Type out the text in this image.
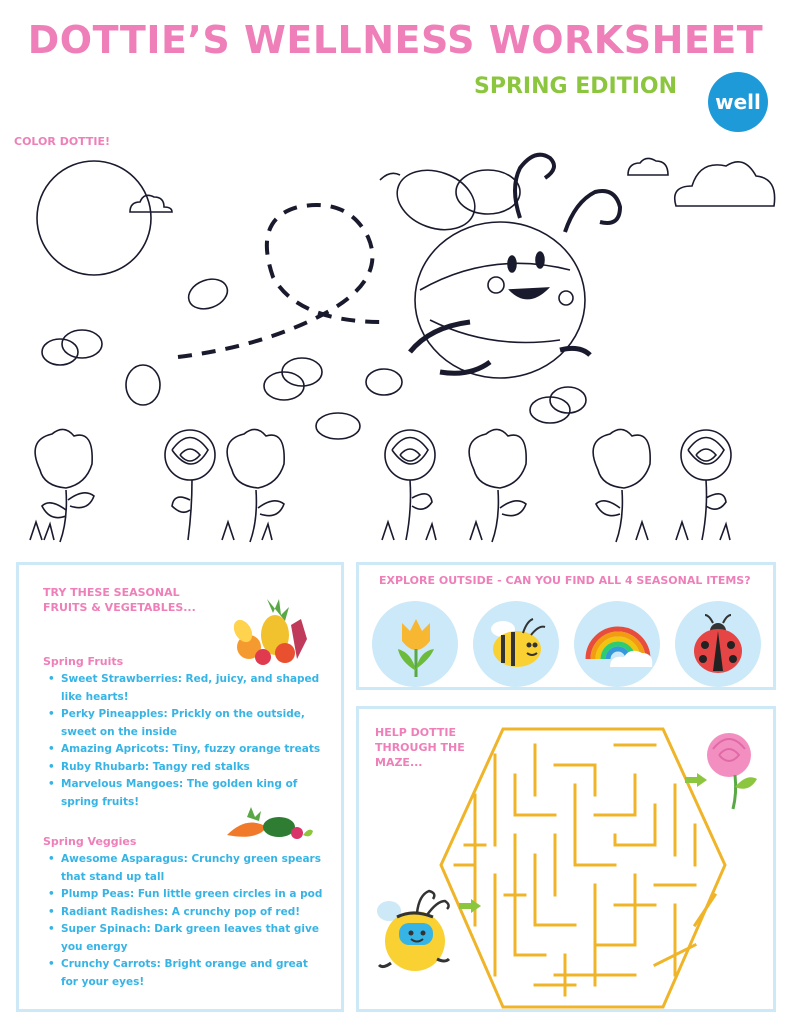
DOTTIE’S WELLNESS WORKSHEET
SPRING EDITION
well
COLOR DOTTIE!
TRY THESE SEASONAL FRUITS & VEGETABLES...
Spring Fruits
• Sweet Strawberries: Red, juicy, and shaped like hearts!
• Perky Pineapples: Prickly on the outside, sweet on the inside
• Amazing Apricots: Tiny, fuzzy orange treats
• Ruby Rhubarb: Tangy red stalks
• Marvelous Mangoes: The golden king of spring fruits!
Spring Veggies
• Awesome Asparagus: Crunchy green spears that stand up tall
• Plump Peas: Fun little green circles in a pod
• Radiant Radishes: A crunchy pop of red!
• Super Spinach: Dark green leaves that give you energy
• Crunchy Carrots: Bright orange and great for your eyes!
EXPLORE OUTSIDE - CAN YOU FIND ALL 4 SEASONAL ITEMS?
HELP DOTTIE THROUGH THE MAZE...
